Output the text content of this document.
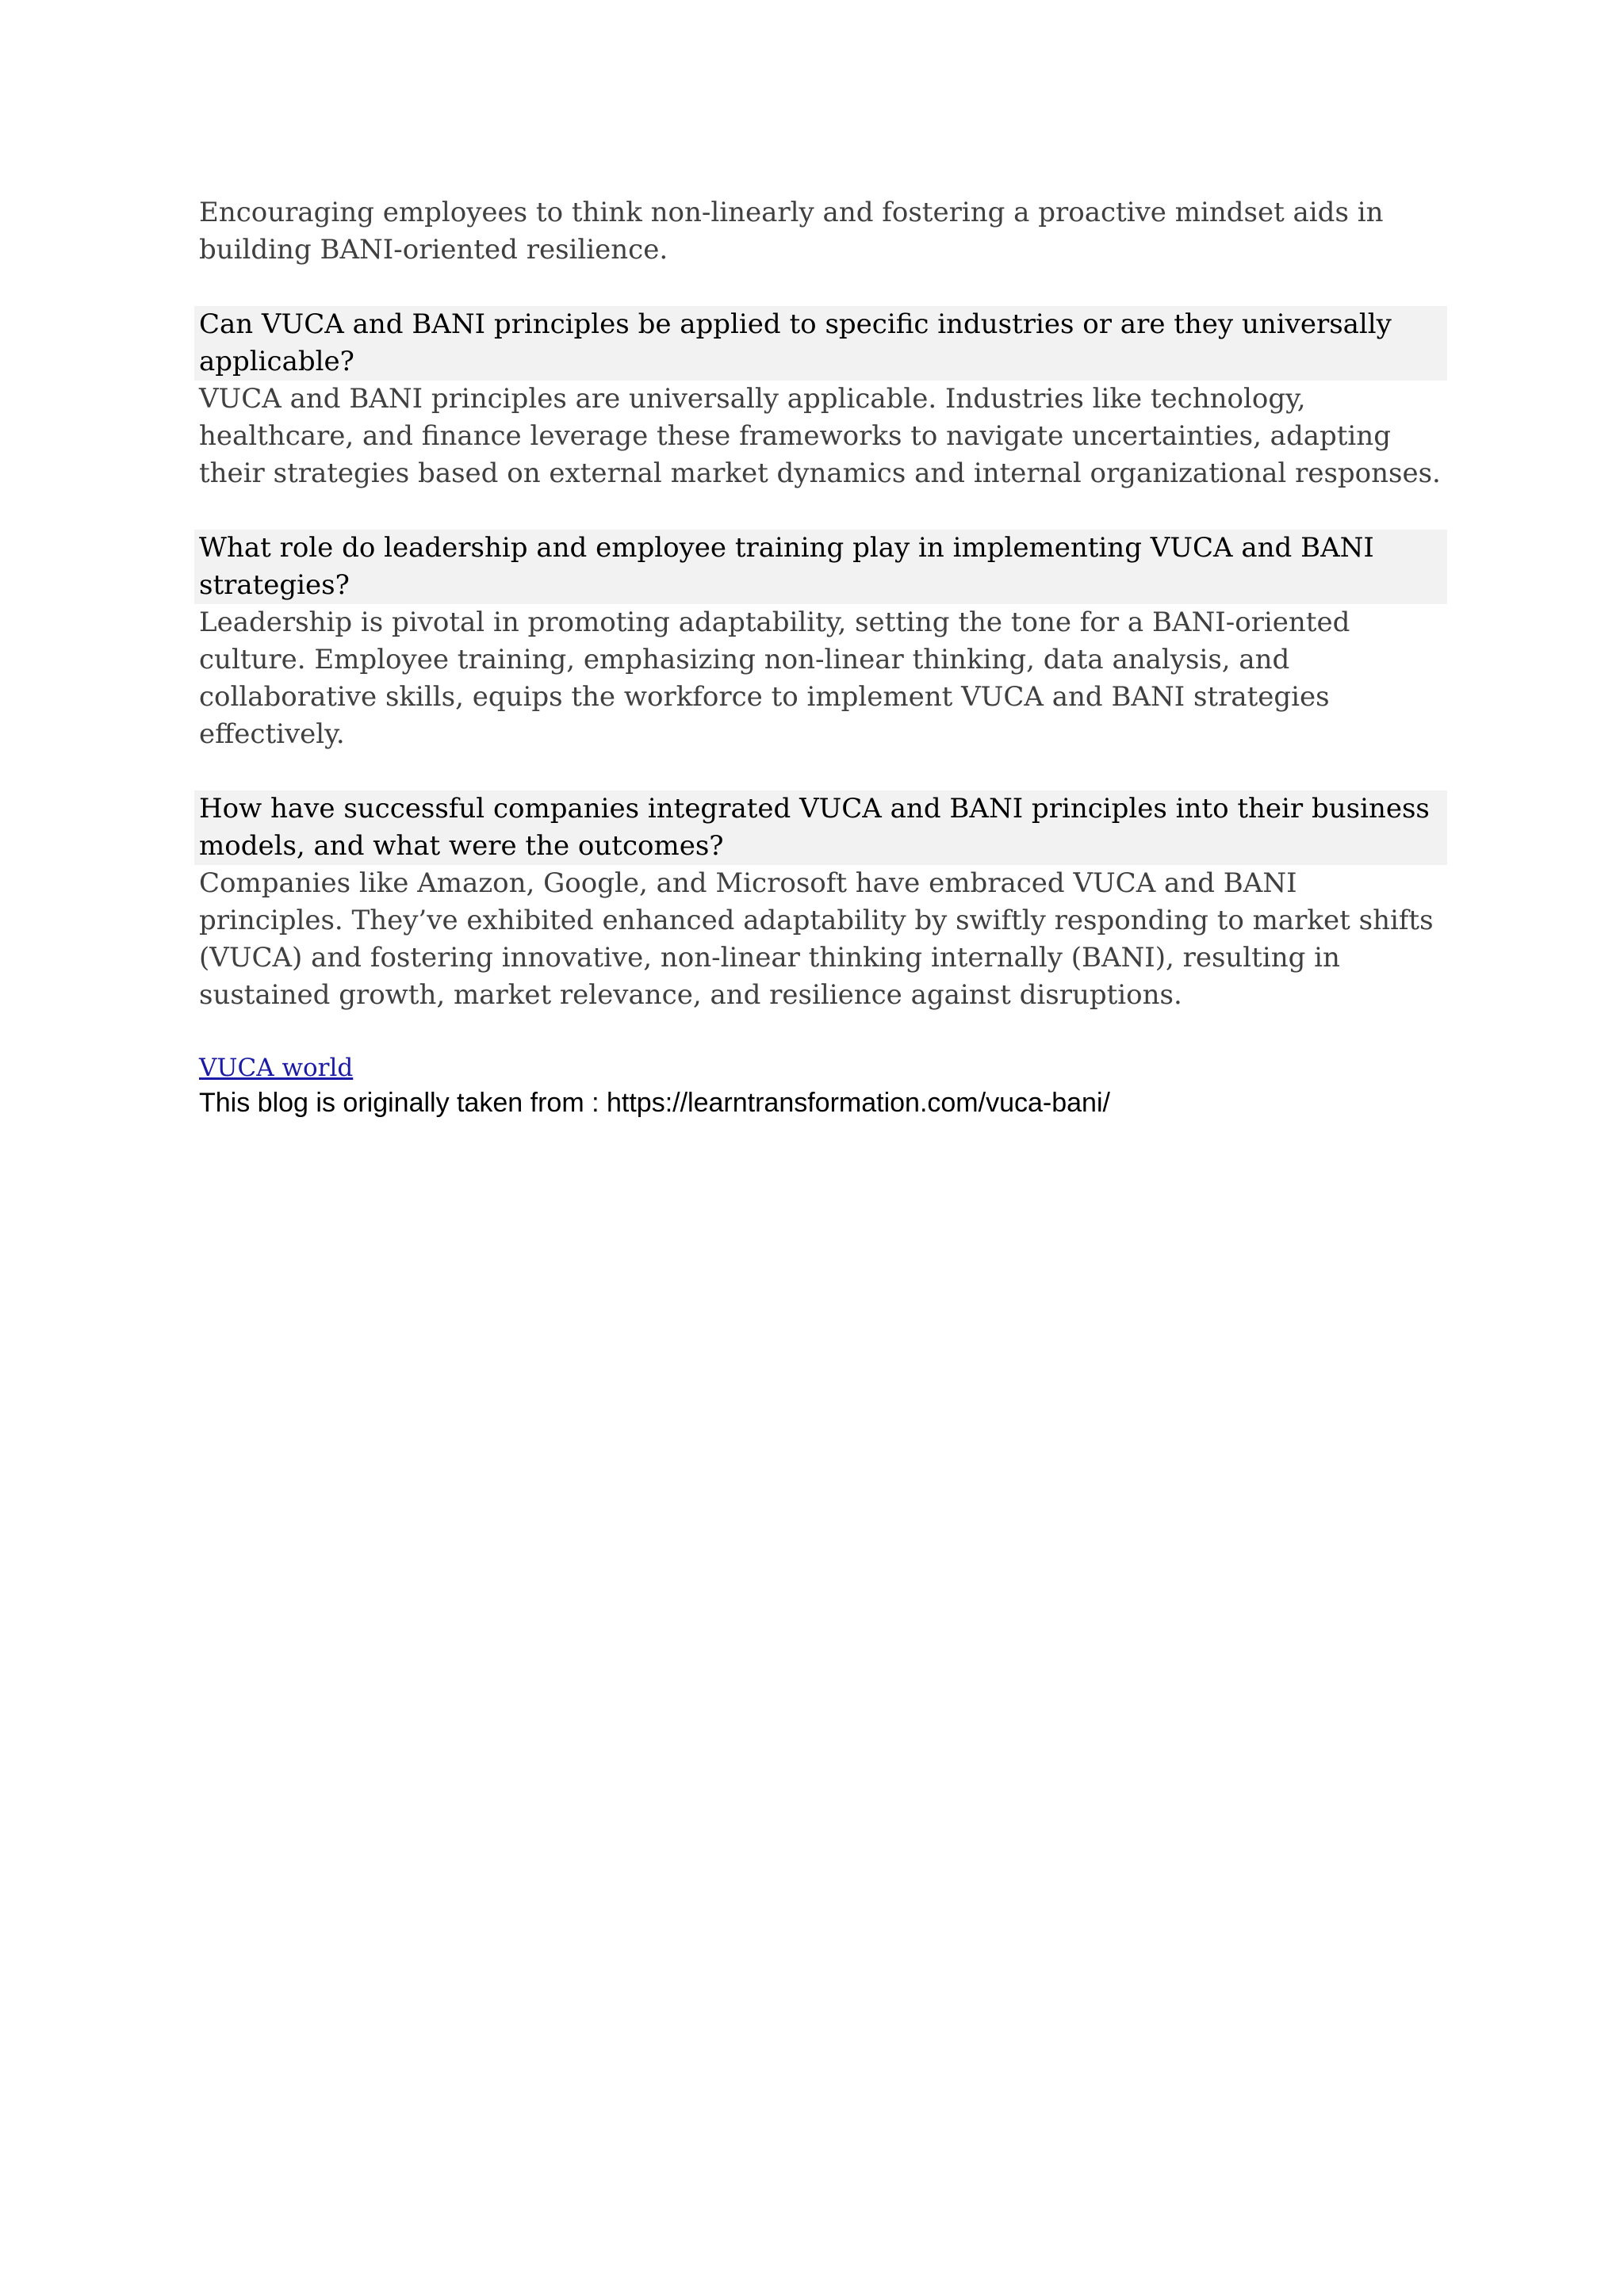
Encouraging employees to think non-linearly and fostering a proactive mindset aids in building BANI-oriented resilience.

Can VUCA and BANI principles be applied to specific industries or are they universally applicable?

VUCA and BANI principles are universally applicable. Industries like technology, healthcare, and finance leverage these frameworks to navigate uncertainties, adapting their strategies based on external market dynamics and internal organizational responses.

What role do leadership and employee training play in implementing VUCA and BANI strategies?

Leadership is pivotal in promoting adaptability, setting the tone for a BANI-oriented culture. Employee training, emphasizing non-linear thinking, data analysis, and collaborative skills, equips the workforce to implement VUCA and BANI strategies effectively.

How have successful companies integrated VUCA and BANI principles into their business models, and what were the outcomes?

Companies like Amazon, Google, and Microsoft have embraced VUCA and BANI principles. They’ve exhibited enhanced adaptability by swiftly responding to market shifts (VUCA) and fostering innovative, non-linear thinking internally (BANI), resulting in sustained growth, market relevance, and resilience against disruptions.

VUCA world

This blog is originally taken from : https://learntransformation.com/vuca-bani/
